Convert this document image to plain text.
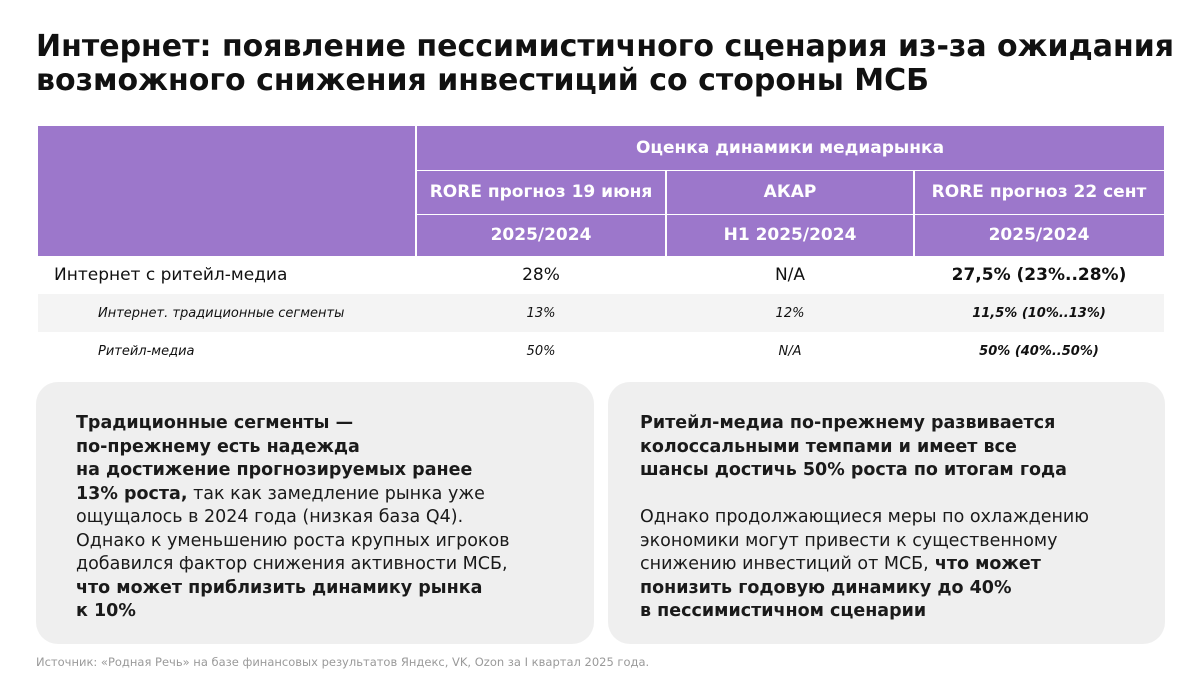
Интернет: появление пессимистичного сценария из-за ожидания
возможного снижения инвестиций со стороны МСБ
Оценка динамики медиарынка
RORE прогноз 19 июня	АКАР	RORE прогноз 22 сент
2025/2024	H1 2025/2024	2025/2024
Интернет с ритейл-медиа	28%	N/A	27,5% (23%..28%)
Интернет. традиционные сегменты	13%	12%	11,5% (10%..13%)
Ритейл-медиа	50%	N/A	50% (40%..50%)

Традиционные сегменты —

по-прежнему есть надежда

на достижение прогнозируемых ранее

13% роста, так как замедление рынка уже

ощущалось в 2024 года (низкая база Q4).

Однако к уменьшению роста крупных игроков

добавился фактор снижения активности МСБ,

что может приблизить динамику рынка

к 10%

Ритейл-медиа по-прежнему развивается

колоссальными темпами и имеет все

шансы достичь 50% роста по итогам года

Однако продолжающиеся меры по охлаждению

экономики могут привести к существенному

снижению инвестиций от МСБ, что может

понизить годовую динамику до 40%

в пессимистичном сценарии

Источник: «Родная Речь» на базе финансовых результатов Яндекс, VK, Ozon за I квартал 2025 года.
